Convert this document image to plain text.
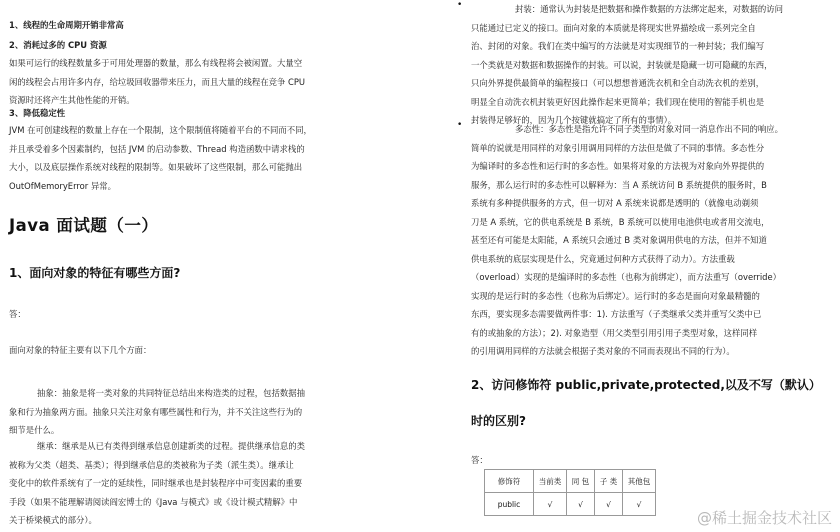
1、线程的生命周期开销非常高

2、消耗过多的 CPU 资源

如果可运行的线程数量多于可用处理器的数量，那么有线程将会被闲置。大量空

闲的线程会占用许多内存，给垃圾回收器带来压力，而且大量的线程在竞争 CPU

资源时还将产生其他性能的开销。

3、降低稳定性

JVM 在可创建线程的数量上存在一个限制，这个限制值将随着平台的不同而不同，

并且承受着多个因素制约，包括 JVM 的启动参数、Thread 构造函数中请求栈的

大小，以及底层操作系统对线程的限制等。如果破坏了这些限制，那么可能抛出

OutOfMemoryError 异常。

Java 面试题（一）

1、面向对象的特征有哪些方面?

答：

面向对象的特征主要有以下几个方面：

抽象：抽象是将一类对象的共同特征总结出来构造类的过程，包括数据抽

象和行为抽象两方面。抽象只关注对象有哪些属性和行为，并不关注这些行为的

细节是什么。

继承：继承是从已有类得到继承信息创建新类的过程。提供继承信息的类

被称为父类（超类、基类）；得到继承信息的类被称为子类（派生类）。继承让

变化中的软件系统有了一定的延续性，同时继承也是封装程序中可变因素的重要

手段（如果不能理解请阅读阎宏博士的《Java 与模式》或《设计模式精解》中

关于桥梁模式的部分）。

•	封装：通常认为封装是把数据和操作数据的方法绑定起来，对数据的访问

只能通过已定义的接口。面向对象的本质就是将现实世界描绘成一系列完全自

治、封闭的对象。我们在类中编写的方法就是对实现细节的一种封装；我们编写

一个类就是对数据和数据操作的封装。可以说，封装就是隐藏一切可隐藏的东西，

只向外界提供最简单的编程接口（可以想想普通洗衣机和全自动洗衣机的差别，

明显全自动洗衣机封装更好因此操作起来更简单；我们现在使用的智能手机也是

封装得足够好的，因为几个按键就搞定了所有的事情）。

•	多态性：多态性是指允许不同子类型的对象对同一消息作出不同的响应。

简单的说就是用同样的对象引用调用同样的方法但是做了不同的事情。多态性分

为编译时的多态性和运行时的多态性。如果将对象的方法视为对象向外界提供的

服务，那么运行时的多态性可以解释为：当 A 系统访问 B 系统提供的服务时，B

系统有多种提供服务的方式，但一切对 A 系统来说都是透明的（就像电动剃须

刀是 A 系统，它的供电系统是 B 系统，B 系统可以使用电池供电或者用交流电，

甚至还有可能是太阳能，A 系统只会通过 B 类对象调用供电的方法，但并不知道

供电系统的底层实现是什么，究竟通过何种方式获得了动力）。方法重载

（overload）实现的是编译时的多态性（也称为前绑定），而方法重写（override）

实现的是运行时的多态性（也称为后绑定）。运行时的多态是面向对象最精髓的

东西，要实现多态需要做两件事：1). 方法重写（子类继承父类并重写父类中已

有的或抽象的方法）；2). 对象造型（用父类型引用引用子类型对象，这样同样

的引用调用同样的方法就会根据子类对象的不同而表现出不同的行为）。

2、访问修饰符 public,private,protected,以及不写（默认）

时的区别?

答：

修饰符	当前类	同 包	子 类	其他包
public	√	√	√	√
@稀土掘金技术社区
